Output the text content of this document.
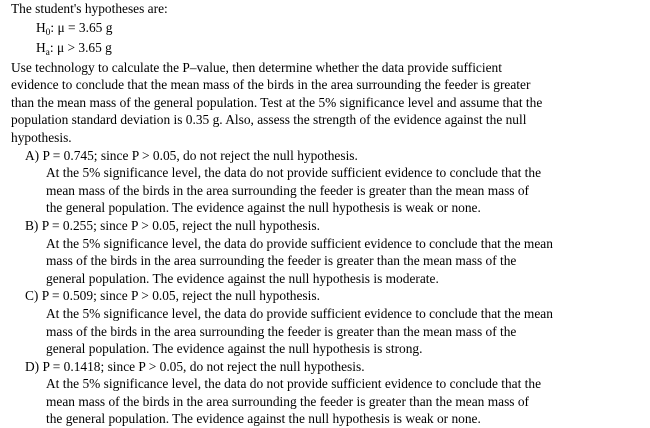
The student's hypotheses are:
$H_0$: μ = 3.65 g
$H_a$: μ > 3.65 g
Use technology to calculate the P–value, then determine whether the data provide sufficient
evidence to conclude that the mean mass of the birds in the area surrounding the feeder is greater
than the mean mass of the general population. Test at the 5% significance level and assume that the
population standard deviation is 0.35 g. Also, assess the strength of the evidence against the null
hypothesis.
A) P = 0.745; since P > 0.05, do not reject the null hypothesis.
At the 5% significance level, the data do not provide sufficient evidence to conclude that the
mean mass of the birds in the area surrounding the feeder is greater than the mean mass of
the general population. The evidence against the null hypothesis is weak or none.
B) P = 0.255; since P > 0.05, reject the null hypothesis.
At the 5% significance level, the data do provide sufficient evidence to conclude that the mean
mass of the birds in the area surrounding the feeder is greater than the mean mass of the
general population. The evidence against the null hypothesis is moderate.
C) P = 0.509; since P > 0.05, reject the null hypothesis.
At the 5% significance level, the data do provide sufficient evidence to conclude that the mean
mass of the birds in the area surrounding the feeder is greater than the mean mass of the
general population. The evidence against the null hypothesis is strong.
D) P = 0.1418; since P > 0.05, do not reject the null hypothesis.
At the 5% significance level, the data do not provide sufficient evidence to conclude that the
mean mass of the birds in the area surrounding the feeder is greater than the mean mass of
the general population. The evidence against the null hypothesis is weak or none.
